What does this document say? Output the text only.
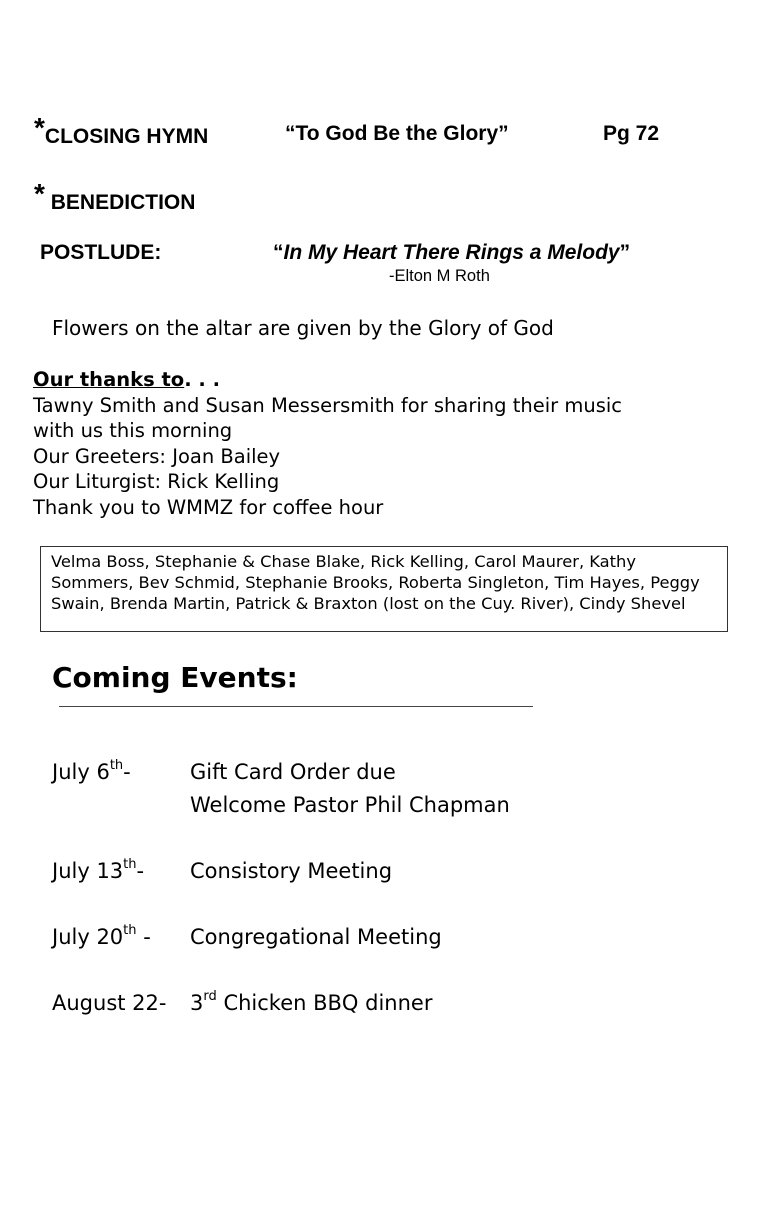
*CLOSING HYMN	“To God Be the Glory”	Pg 72
* BENEDICTION
POSTLUDE:	“In My Heart There Rings a Melody”
-Elton M Roth
Flowers on the altar are given by the Glory of God
Our thanks to. . .
Tawny Smith and Susan Messersmith for sharing their music
with us this morning
Our Greeters: Joan Bailey
Our Liturgist: Rick Kelling
Thank you to WMMZ for coffee hour
Velma Boss, Stephanie & Chase Blake, Rick Kelling, Carol Maurer, Kathy Sommers, Bev Schmid, Stephanie Brooks, Roberta Singleton, Tim Hayes, Peggy Swain, Brenda Martin, Patrick & Braxton (lost on the Cuy. River), Cindy Shevel
Coming Events:
July 6th-	Gift Card Order due
Welcome Pastor Phil Chapman
July 13th- Consistory Meeting
July 20th - Congregational Meeting
August 22- 3rd Chicken BBQ dinner
